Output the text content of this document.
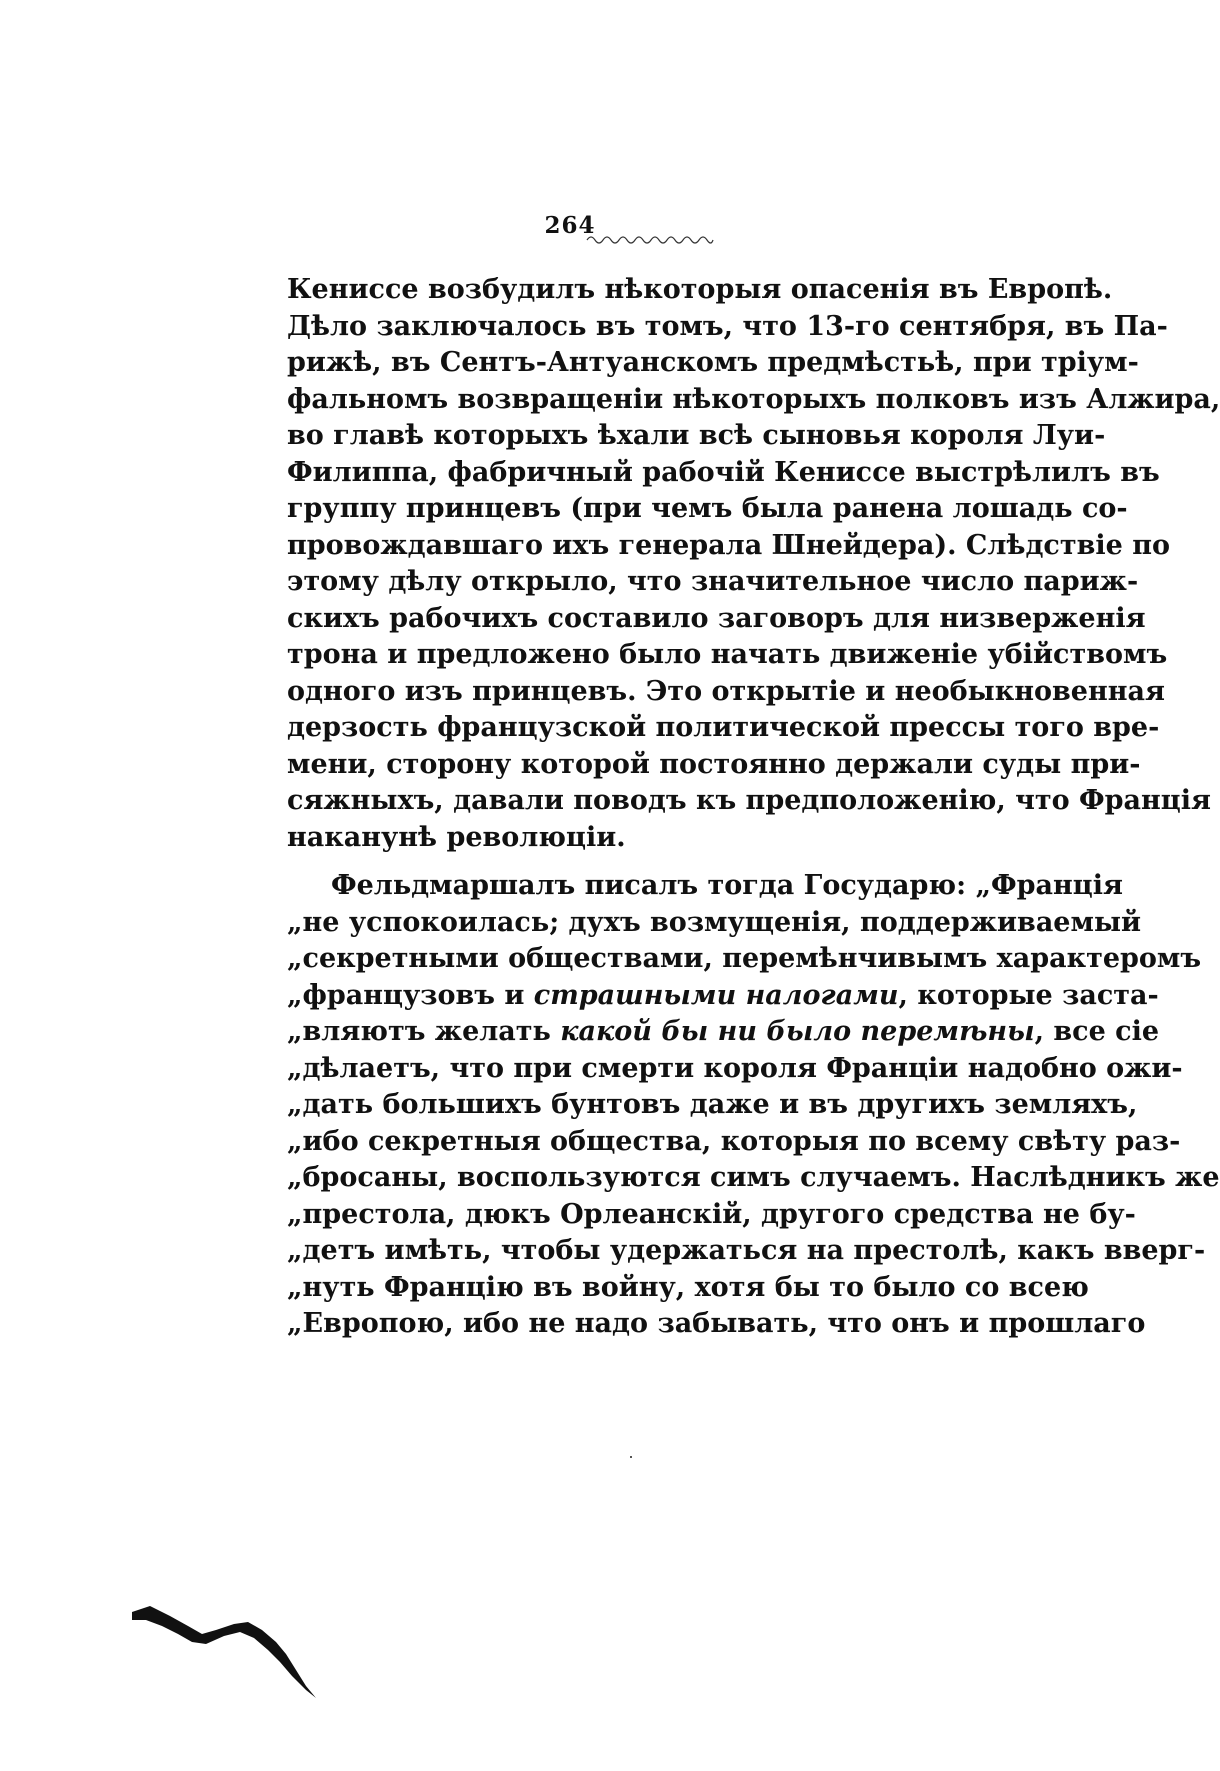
264
Кениссе возбудилъ нѣкоторыя опасенія въ Европѣ.
Дѣло заключалось въ томъ, что 13-го сентября, въ Па-
рижѣ, въ Сентъ-Антуанскомъ предмѣстьѣ, при тріум-
фальномъ возвращеніи нѣкоторыхъ полковъ изъ Алжира,
во главѣ которыхъ ѣхали всѣ сыновья короля Луи-
Филиппа, фабричный рабочій Кениссе выстрѣлилъ въ
группу принцевъ (при чемъ была ранена лошадь со-
провождавшаго ихъ генерала Шнейдера). Слѣдствіе по
этому дѣлу открыло, что значительное число париж-
скихъ рабочихъ составило заговоръ для низверженія
трона и предложено было начать движеніе убійствомъ
одного изъ принцевъ. Это открытіе и необыкновенная
дерзость французской политической прессы того вре-
мени, сторону которой постоянно держали суды при-
сяжныхъ, давали поводъ къ предположенію, что Франція
наканунѣ революціи.
Фельдмаршалъ писалъ тогда Государю: „Франція
„не успокоилась; духъ возмущенія, поддерживаемый
„секретными обществами, перемѣнчивымъ характеромъ
„французовъ и страшными налогами, которые заста-
„вляютъ желать какой бы ни было перемѣны, все сіе
„дѣлаетъ, что при смерти короля Франціи надобно ожи-
„дать большихъ бунтовъ даже и въ другихъ земляхъ,
„ибо секретныя общества, которыя по всему свѣту раз-
„бросаны, воспользуются симъ случаемъ. Наслѣдникъ же
„престола, дюкъ Орлеанскій, другого средства не бу-
„детъ имѣть, чтобы удержаться на престолѣ, какъ вверг-
„нуть Францію въ войну, хотя бы то было со всею
„Европою, ибо не надо забывать, что онъ и прошлаго
